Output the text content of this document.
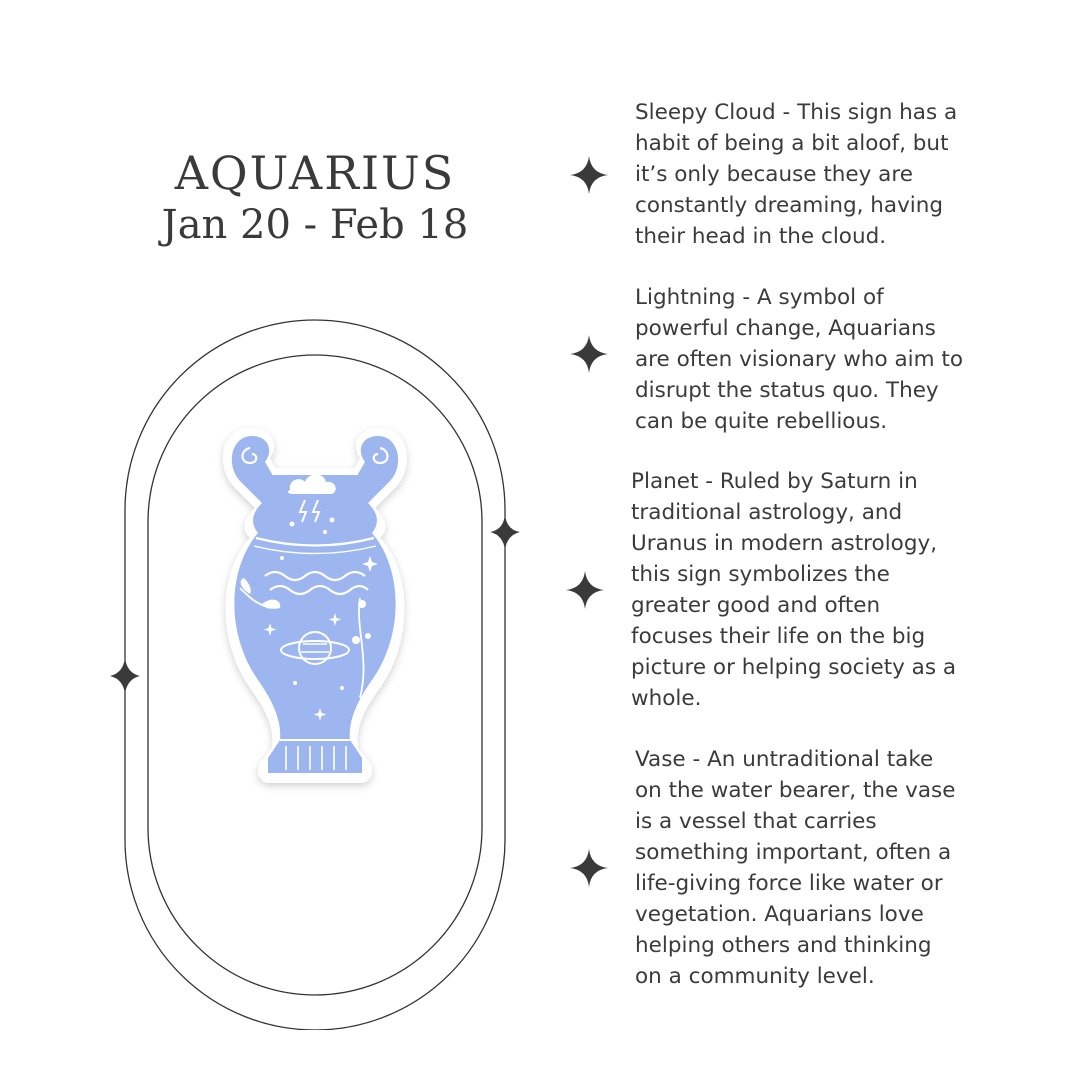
AQUARIUS
Jan 20 - Feb 18

Sleepy Cloud - This sign has a
habit of being a bit aloof, but
it’s only because they are
constantly dreaming, having
their head in the cloud.

Lightning - A symbol of
powerful change, Aquarians
are often visionary who aim to
disrupt the status quo. They
can be quite rebellious.

Planet - Ruled by Saturn in
traditional astrology, and
Uranus in modern astrology,
this sign symbolizes the
greater good and often
focuses their life on the big
picture or helping society as a
whole.

Vase - An untraditional take
on the water bearer, the vase
is a vessel that carries
something important, often a
life-giving force like water or
vegetation. Aquarians love
helping others and thinking
on a community level.
